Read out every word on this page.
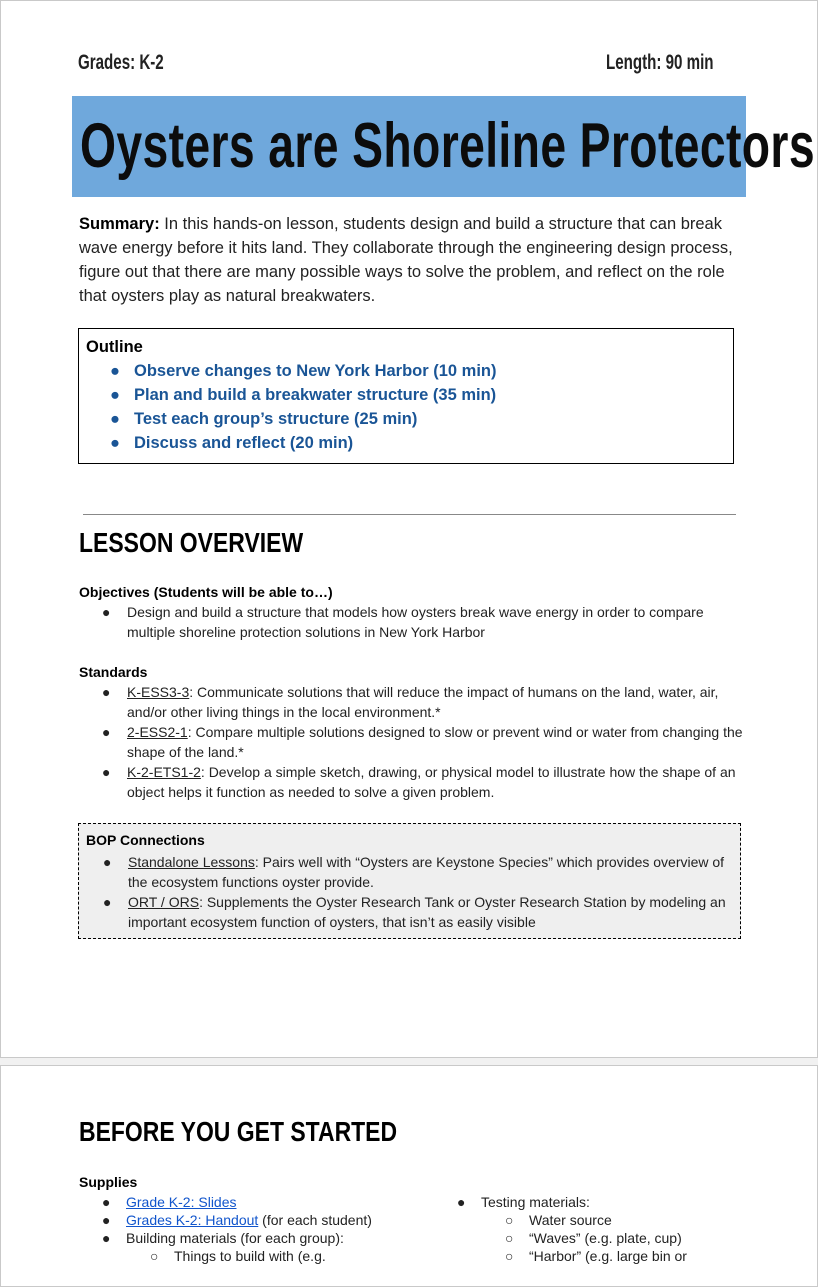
Grades: K-2	Length: 90 min
Oysters are Shoreline Protectors
Summary: In this hands-on lesson, students design and build a structure that can break wave energy before it hits land. They collaborate through the engineering design process, figure out that there are many possible ways to solve the problem, and reflect on the role that oysters play as natural breakwaters.
Outline
● Observe changes to New York Harbor (10 min)
● Plan and build a breakwater structure (35 min)
● Test each group’s structure (25 min)
● Discuss and reflect (20 min)
LESSON OVERVIEW
Objectives (Students will be able to…)
● Design and build a structure that models how oysters break wave energy in order to compare multiple shoreline protection solutions in New York Harbor
Standards
● K-ESS3-3: Communicate solutions that will reduce the impact of humans on the land, water, air, and/or other living things in the local environment.*
● 2-ESS2-1: Compare multiple solutions designed to slow or prevent wind or water from changing the shape of the land.*
● K-2-ETS1-2: Develop a simple sketch, drawing, or physical model to illustrate how the shape of an object helps it function as needed to solve a given problem.
BOP Connections
● Standalone Lessons: Pairs well with “Oysters are Keystone Species” which provides overview of the ecosystem functions oyster provide.
● ORT / ORS: Supplements the Oyster Research Tank or Oyster Research Station by modeling an important ecosystem function of oysters, that isn’t as easily visible
BEFORE YOU GET STARTED
Supplies
● Grade K-2: Slides
● Grades K-2: Handout (for each student)
● Building materials (for each group):
○ Things to build with (e.g.
● Testing materials:
○ Water source
○ “Waves” (e.g. plate, cup)
○ “Harbor” (e.g. large bin or
